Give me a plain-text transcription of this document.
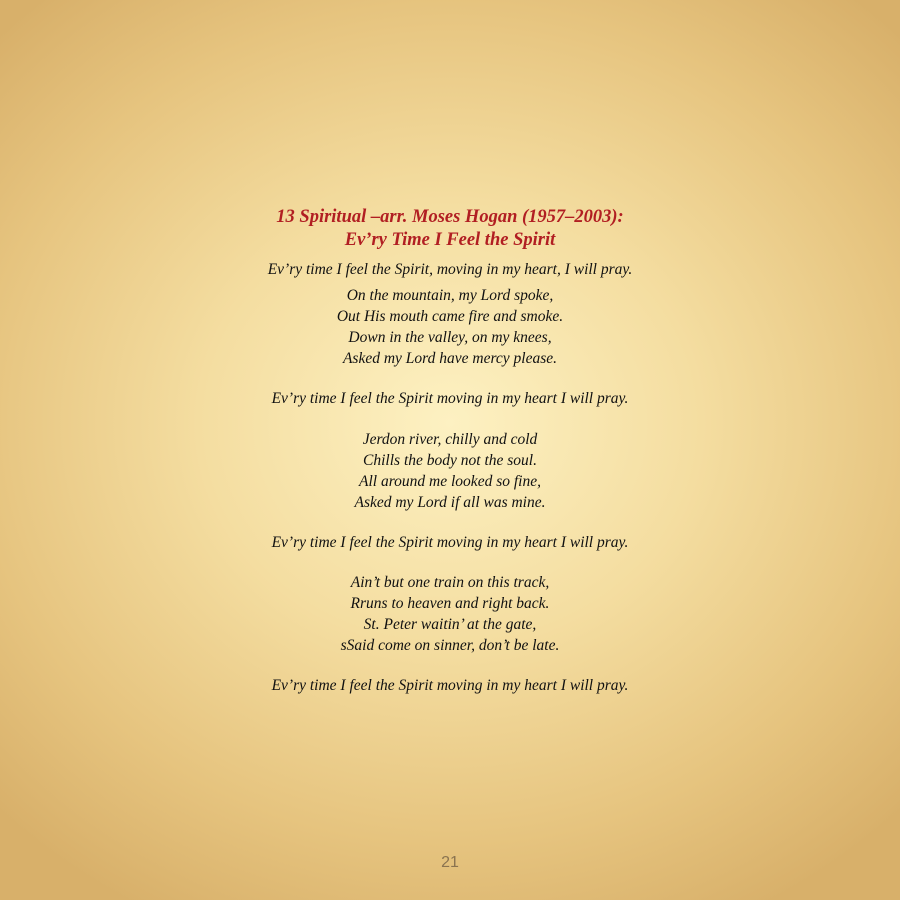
13 Spiritual –arr. Moses Hogan (1957–2003):
Ev’ry Time I Feel the Spirit
Ev’ry time I feel the Spirit, moving in my heart, I will pray.
On the mountain, my Lord spoke,
Out His mouth came fire and smoke.
Down in the valley, on my knees,
Asked my Lord have mercy please.
Ev’ry time I feel the Spirit moving in my heart I will pray.
Jerdon river, chilly and cold
Chills the body not the soul.
All around me looked so fine,
Asked my Lord if all was mine.
Ev’ry time I feel the Spirit moving in my heart I will pray.
Ain’t but one train on this track,
Rruns to heaven and right back.
St. Peter waitin’ at the gate,
sSaid come on sinner, don’t be late.
Ev’ry time I feel the Spirit moving in my heart I will pray.
21
